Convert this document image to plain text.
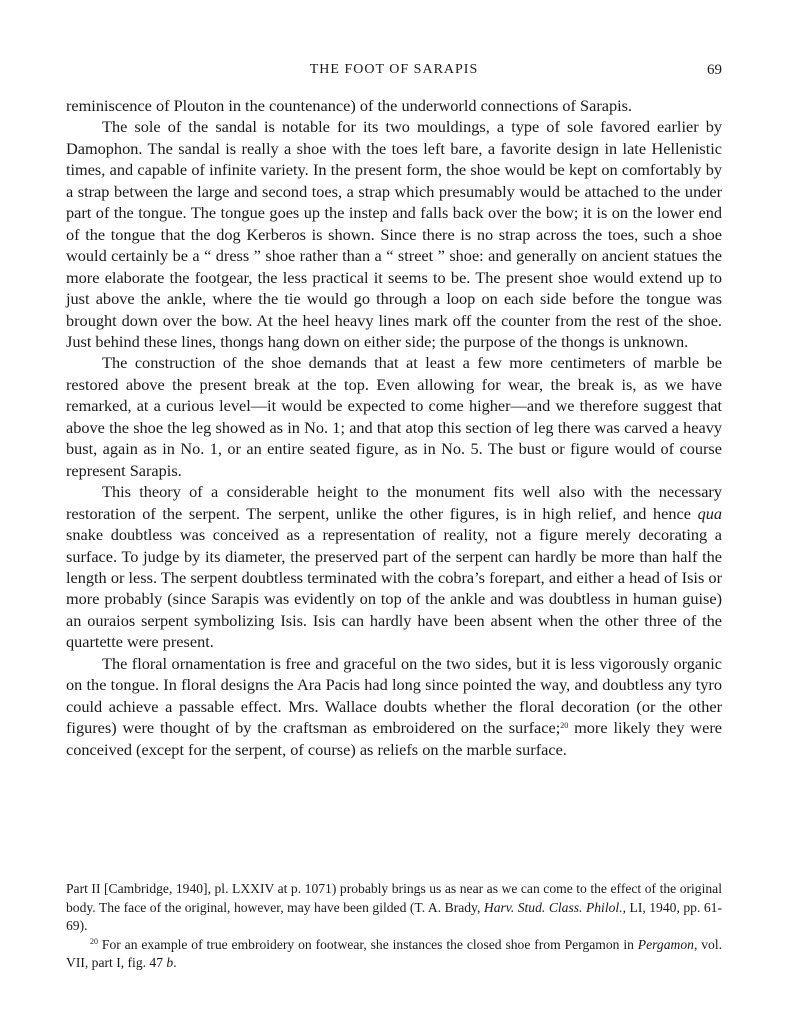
THE FOOT OF SARAPIS	69

reminiscence of Plouton in the countenance) of the underworld connections of Sarapis.

The sole of the sandal is notable for its two mouldings, a type of sole favored earlier by Damophon. The sandal is really a shoe with the toes left bare, a favorite design in late Hellenistic times, and capable of infinite variety. In the present form, the shoe would be kept on comfortably by a strap between the large and second toes, a strap which presumably would be attached to the under part of the tongue. The tongue goes up the instep and falls back over the bow; it is on the lower end of the tongue that the dog Kerberos is shown. Since there is no strap across the toes, such a shoe would certainly be a “ dress ” shoe rather than a “ street ” shoe: and generally on ancient statues the more elaborate the footgear, the less practical it seems to be. The present shoe would extend up to just above the ankle, where the tie would go through a loop on each side before the tongue was brought down over the bow. At the heel heavy lines mark off the counter from the rest of the shoe. Just behind these lines, thongs hang down on either side; the purpose of the thongs is unknown.

The construction of the shoe demands that at least a few more centimeters of marble be restored above the present break at the top. Even allowing for wear, the break is, as we have remarked, at a curious level—it would be expected to come higher—and we therefore suggest that above the shoe the leg showed as in No. 1; and that atop this section of leg there was carved a heavy bust, again as in No. 1, or an entire seated figure, as in No. 5. The bust or figure would of course represent Sarapis.

This theory of a considerable height to the monument fits well also with the necessary restoration of the serpent. The serpent, unlike the other figures, is in high relief, and hence qua snake doubtless was conceived as a representation of reality, not a figure merely decorating a surface. To judge by its diameter, the preserved part of the serpent can hardly be more than half the length or less. The serpent doubtless terminated with the cobra’s forepart, and either a head of Isis or more probably (since Sarapis was evidently on top of the ankle and was doubtless in human guise) an ouraios serpent symbolizing Isis. Isis can hardly have been absent when the other three of the quartette were present.

The floral ornamentation is free and graceful on the two sides, but it is less vigorously organic on the tongue. In floral designs the Ara Pacis had long since pointed the way, and doubtless any tyro could achieve a passable effect. Mrs. Wallace doubts whether the floral decoration (or the other figures) were thought of by the craftsman as embroidered on the surface;$^{20}$ more likely they were conceived (except for the serpent, of course) as reliefs on the marble surface.

Part II [Cambridge, 1940], pl. LXXIV at p. 1071) probably brings us as near as we can come to the effect of the original body. The face of the original, however, may have been gilded (T. A. Brady, Harv. Stud. Class. Philol., LI, 1940, pp. 61-69).

$^{20}$ For an example of true embroidery on footwear, she instances the closed shoe from Pergamon in Pergamon, vol. VII, part I, fig. 47 b.
